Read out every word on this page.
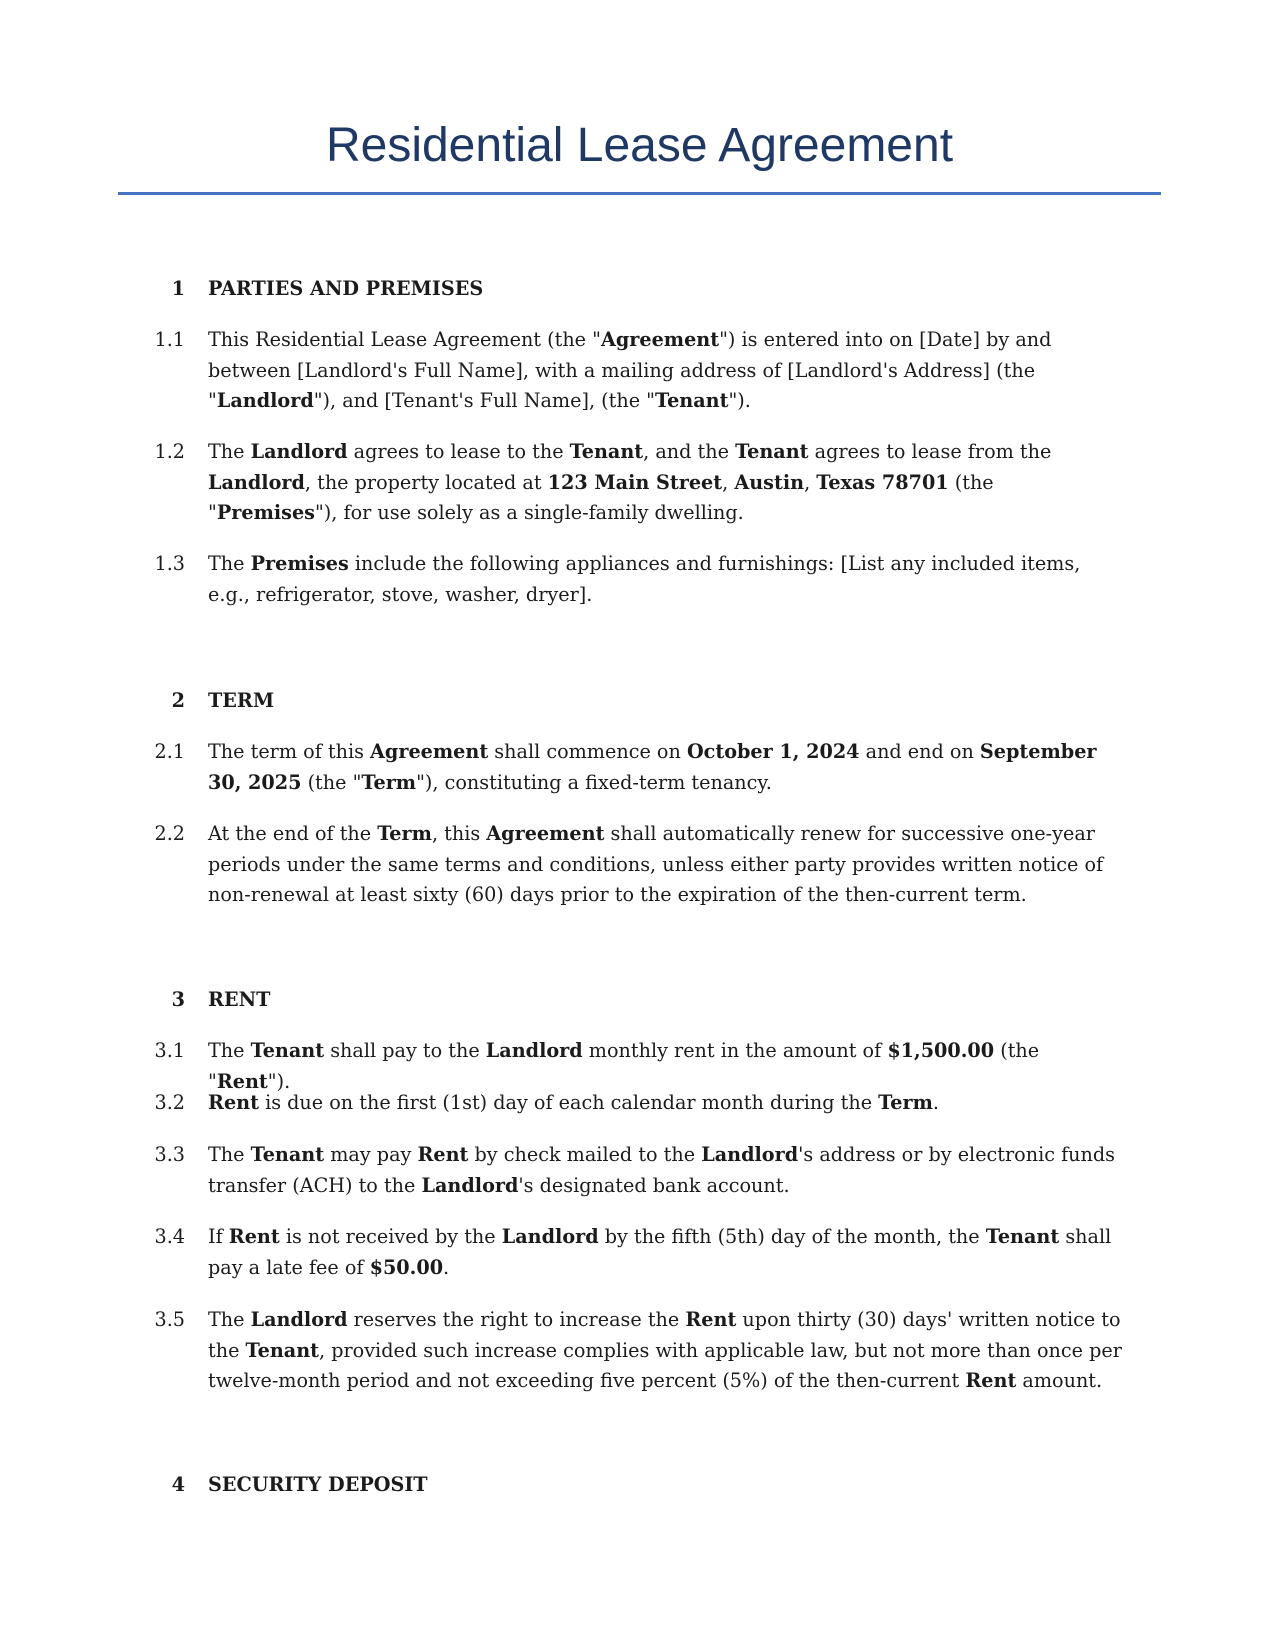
Residential Lease Agreement
1 PARTIES AND PREMISES
1.1 This Residential Lease Agreement (the "Agreement") is entered into on [Date] by and between [Landlord's Full Name], with a mailing address of [Landlord's Address] (the "Landlord"), and [Tenant's Full Name], (the "Tenant").
1.2 The Landlord agrees to lease to the Tenant, and the Tenant agrees to lease from the Landlord, the property located at 123 Main Street, Austin, Texas 78701 (the "Premises"), for use solely as a single-family dwelling.
1.3 The Premises include the following appliances and furnishings: [List any included items, e.g., refrigerator, stove, washer, dryer].
2 TERM
2.1 The term of this Agreement shall commence on October 1, 2024 and end on September 30, 2025 (the "Term"), constituting a fixed-term tenancy.
2.2 At the end of the Term, this Agreement shall automatically renew for successive one-year periods under the same terms and conditions, unless either party provides written notice of non-renewal at least sixty (60) days prior to the expiration of the then-current term.
3 RENT
3.1 The Tenant shall pay to the Landlord monthly rent in the amount of $1,500.00 (the "Rent").
3.2 Rent is due on the first (1st) day of each calendar month during the Term.
3.3 The Tenant may pay Rent by check mailed to the Landlord's address or by electronic funds transfer (ACH) to the Landlord's designated bank account.
3.4 If Rent is not received by the Landlord by the fifth (5th) day of the month, the Tenant shall pay a late fee of $50.00.
3.5 The Landlord reserves the right to increase the Rent upon thirty (30) days' written notice to the Tenant, provided such increase complies with applicable law, but not more than once per twelve-month period and not exceeding five percent (5%) of the then-current Rent amount.
4 SECURITY DEPOSIT
